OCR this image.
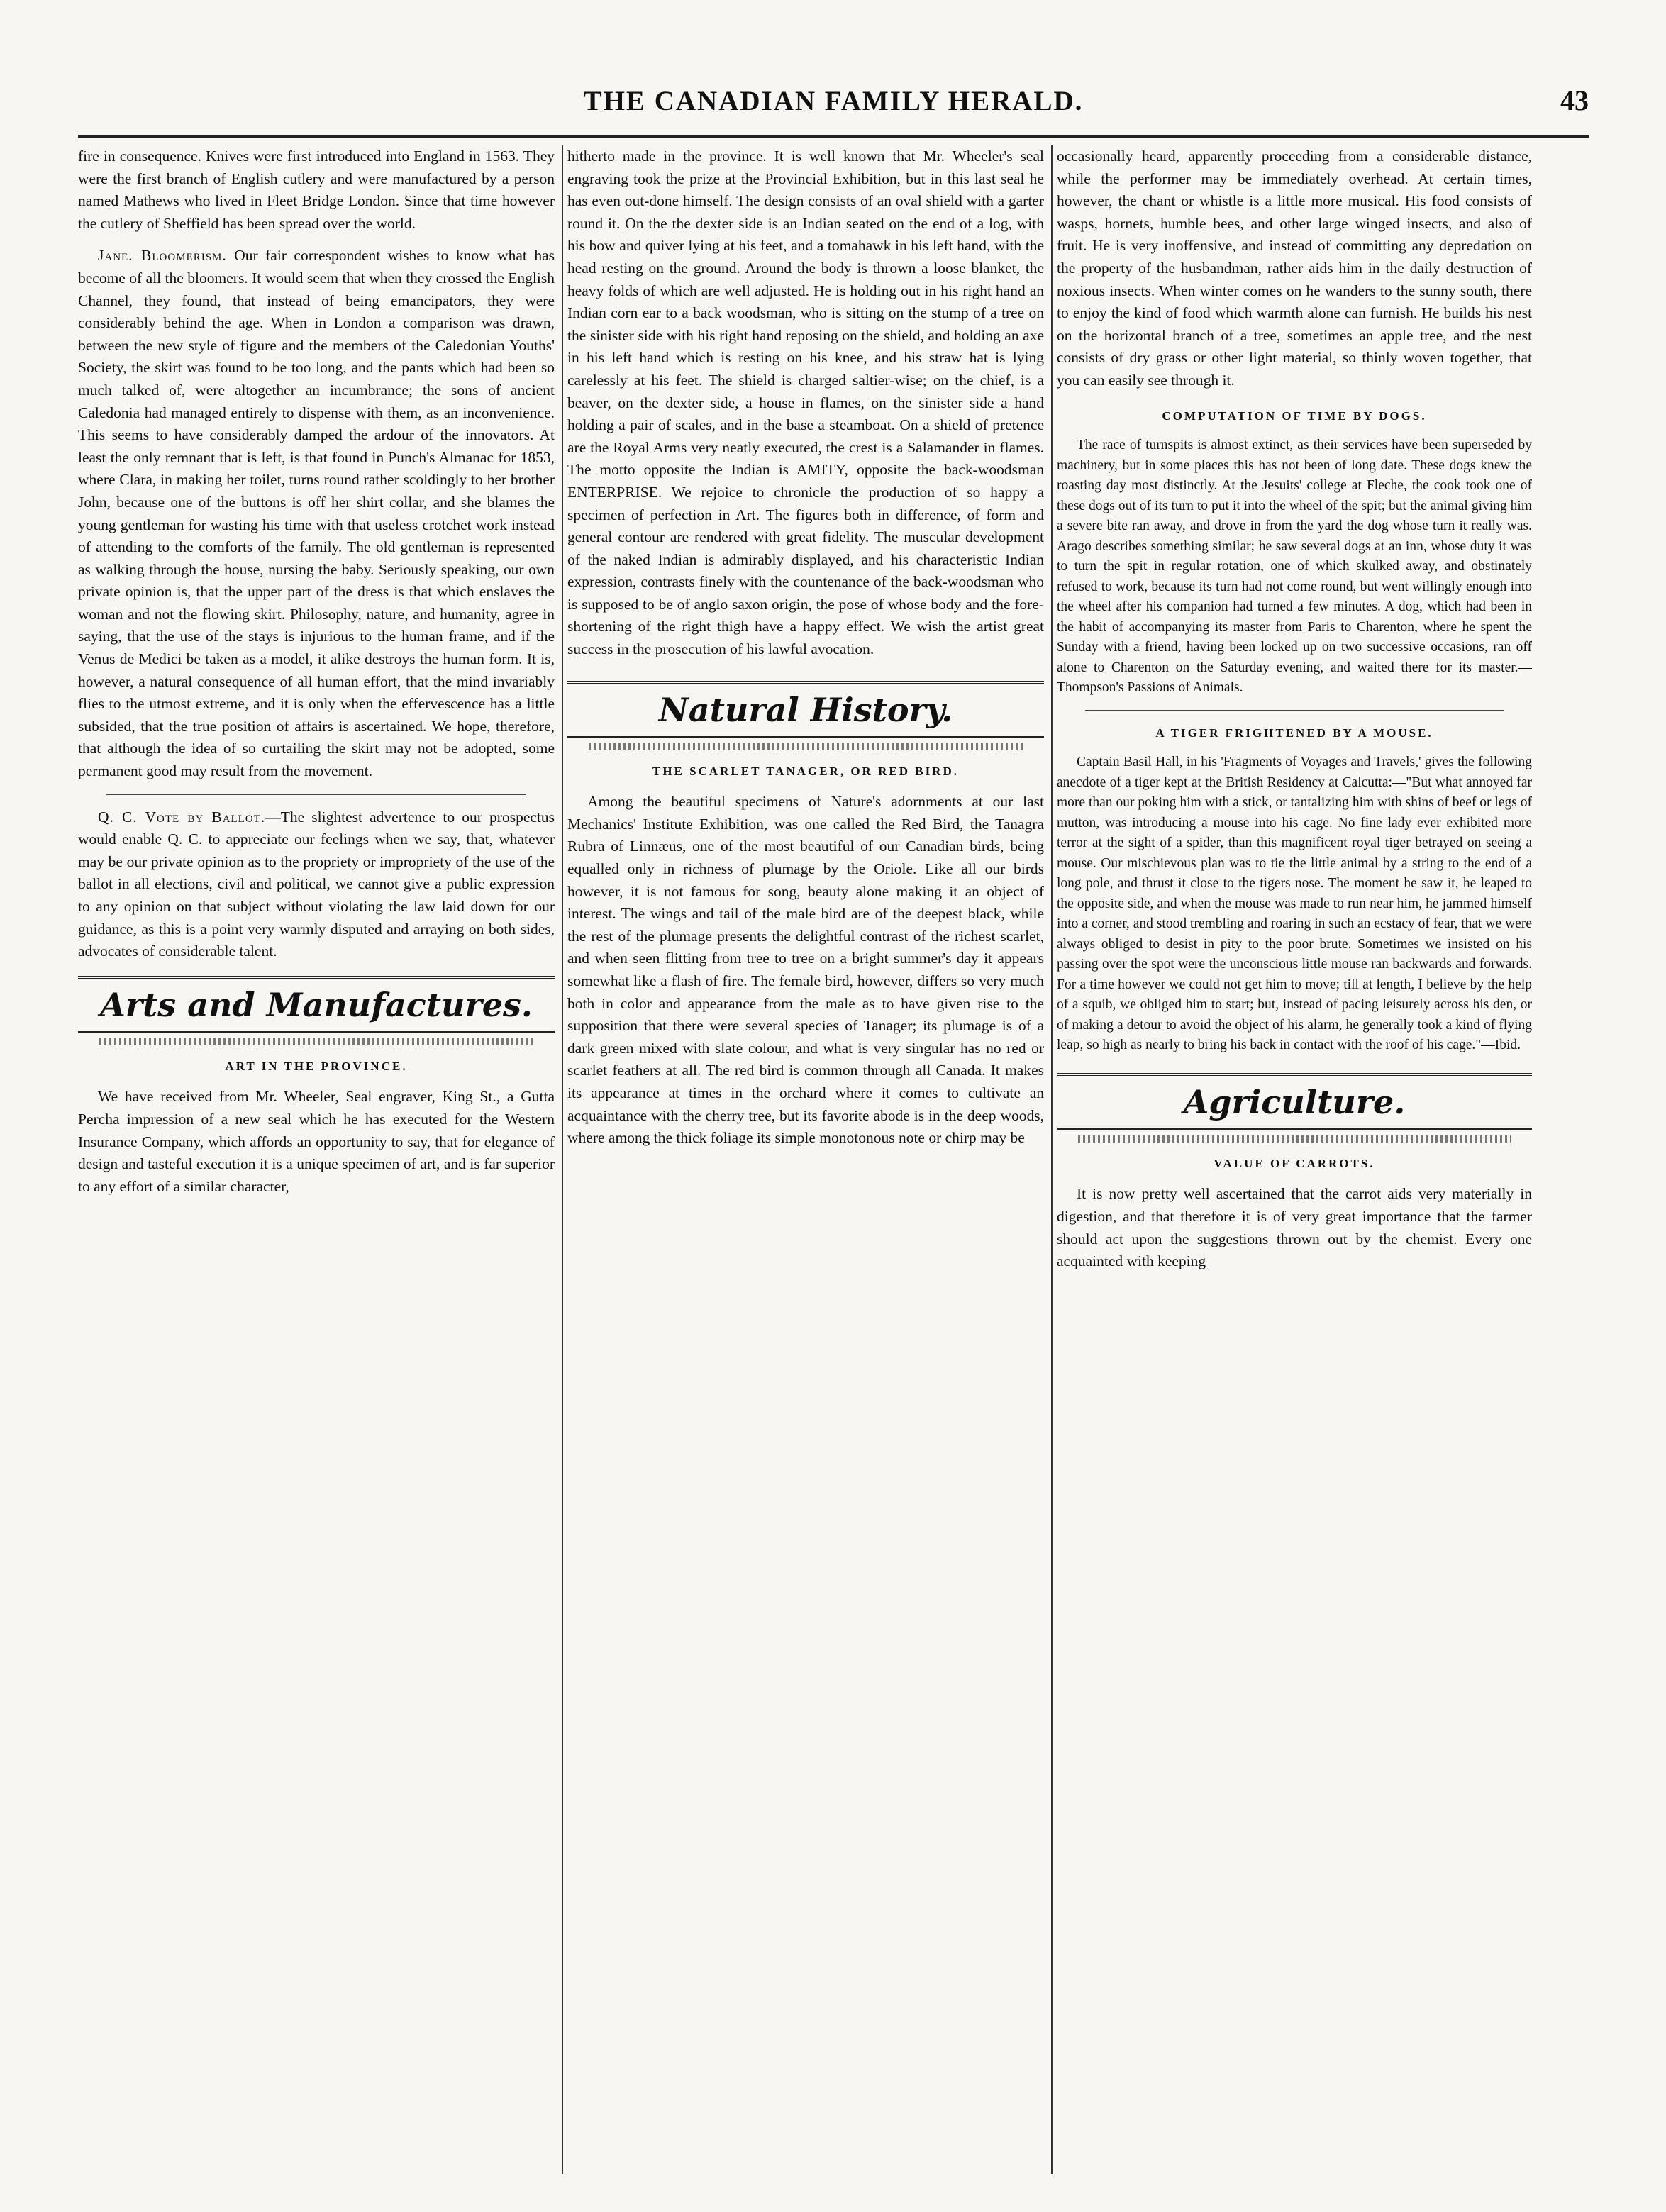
THE CANADIAN FAMILY HERALD.	43

fire in consequence. Knives were first introduced into England in 1563. They were the first branch of English cutlery and were manufactured by a person named Mathews who lived in Fleet Bridge London. Since that time however the cutlery of Sheffield has been spread over the world.

Jane. Bloomerism. Our fair correspondent wishes to know what has become of all the bloomers. It would seem that when they crossed the English Channel, they found, that instead of being emancipators, they were considerably behind the age. When in London a comparison was drawn, between the new style of figure and the members of the Caledonian Youths' Society, the skirt was found to be too long, and the pants which had been so much talked of, were altogether an incumbrance; the sons of ancient Caledonia had managed entirely to dispense with them, as an inconvenience. This seems to have considerably damped the ardour of the innovators. At least the only remnant that is left, is that found in Punch's Almanac for 1853, where Clara, in making her toilet, turns round rather scoldingly to her brother John, because one of the buttons is off her shirt collar, and she blames the young gentleman for wasting his time with that useless crotchet work instead of attending to the comforts of the family. The old gentleman is represented as walking through the house, nursing the baby. Seriously speaking, our own private opinion is, that the upper part of the dress is that which enslaves the woman and not the flowing skirt. Philosophy, nature, and humanity, agree in saying, that the use of the stays is injurious to the human frame, and if the Venus de Medici be taken as a model, it alike destroys the human form. It is, however, a natural consequence of all human effort, that the mind invariably flies to the utmost extreme, and it is only when the effervescence has a little subsided, that the true position of affairs is ascertained. We hope, therefore, that although the idea of so curtailing the skirt may not be adopted, some permanent good may result from the movement.

Q. C. Vote by Ballot.—The slightest advertence to our prospectus would enable Q. C. to appreciate our feelings when we say, that, whatever may be our private opinion as to the propriety or impropriety of the use of the ballot in all elections, civil and political, we cannot give a public expression to any opinion on that subject without violating the law laid down for our guidance, as this is a point very warmly disputed and arraying on both sides, advocates of considerable talent.

Arts and Manufactures.
ART IN THE PROVINCE.

We have received from Mr. Wheeler, Seal engraver, King St., a Gutta Percha impression of a new seal which he has executed for the Western Insurance Company, which affords an opportunity to say, that for elegance of design and tasteful execution it is a unique specimen of art, and is far superior to any effort of a similar character,

hitherto made in the province. It is well known that Mr. Wheeler's seal engraving took the prize at the Provincial Exhibition, but in this last seal he has even out-done himself. The design consists of an oval shield with a garter round it. On the the dexter side is an Indian seated on the end of a log, with his bow and quiver lying at his feet, and a tomahawk in his left hand, with the head resting on the ground. Around the body is thrown a loose blanket, the heavy folds of which are well adjusted. He is holding out in his right hand an Indian corn ear to a back woodsman, who is sitting on the stump of a tree on the sinister side with his right hand reposing on the shield, and holding an axe in his left hand which is resting on his knee, and his straw hat is lying carelessly at his feet. The shield is charged saltier-wise; on the chief, is a beaver, on the dexter side, a house in flames, on the sinister side a hand holding a pair of scales, and in the base a steamboat. On a shield of pretence are the Royal Arms very neatly executed, the crest is a Salamander in flames. The motto opposite the Indian is AMITY, opposite the back-woodsman ENTERPRISE. We rejoice to chronicle the production of so happy a specimen of perfection in Art. The figures both in difference, of form and general contour are rendered with great fidelity. The muscular development of the naked Indian is admirably displayed, and his characteristic Indian expression, contrasts finely with the countenance of the back-woodsman who is supposed to be of anglo saxon origin, the pose of whose body and the fore-shortening of the right thigh have a happy effect. We wish the artist great success in the prosecution of his lawful avocation.

Natural History.
THE SCARLET TANAGER, OR RED BIRD.

Among the beautiful specimens of Nature's adornments at our last Mechanics' Institute Exhibition, was one called the Red Bird, the Tanagra Rubra of Linnæus, one of the most beautiful of our Canadian birds, being equalled only in richness of plumage by the Oriole. Like all our birds however, it is not famous for song, beauty alone making it an object of interest. The wings and tail of the male bird are of the deepest black, while the rest of the plumage presents the delightful contrast of the richest scarlet, and when seen flitting from tree to tree on a bright summer's day it appears somewhat like a flash of fire. The female bird, however, differs so very much both in color and appearance from the male as to have given rise to the supposition that there were several species of Tanager; its plumage is of a dark green mixed with slate colour, and what is very singular has no red or scarlet feathers at all. The red bird is common through all Canada. It makes its appearance at times in the orchard where it comes to cultivate an acquaintance with the cherry tree, but its favorite abode is in the deep woods, where among the thick foliage its simple monotonous note or chirp may be

occasionally heard, apparently proceeding from a considerable distance, while the performer may be immediately overhead. At certain times, however, the chant or whistle is a little more musical. His food consists of wasps, hornets, humble bees, and other large winged insects, and also of fruit. He is very inoffensive, and instead of committing any depredation on the property of the husbandman, rather aids him in the daily destruction of noxious insects. When winter comes on he wanders to the sunny south, there to enjoy the kind of food which warmth alone can furnish. He builds his nest on the horizontal branch of a tree, sometimes an apple tree, and the nest consists of dry grass or other light material, so thinly woven together, that you can easily see through it.

COMPUTATION OF TIME BY DOGS.

The race of turnspits is almost extinct, as their services have been superseded by machinery, but in some places this has not been of long date. These dogs knew the roasting day most distinctly. At the Jesuits' college at Fleche, the cook took one of these dogs out of its turn to put it into the wheel of the spit; but the animal giving him a severe bite ran away, and drove in from the yard the dog whose turn it really was. Arago describes something similar; he saw several dogs at an inn, whose duty it was to turn the spit in regular rotation, one of which skulked away, and obstinately refused to work, because its turn had not come round, but went willingly enough into the wheel after his companion had turned a few minutes. A dog, which had been in the habit of accompanying its master from Paris to Charenton, where he spent the Sunday with a friend, having been locked up on two successive occasions, ran off alone to Charenton on the Saturday evening, and waited there for its master.—Thompson's Passions of Animals.

A TIGER FRIGHTENED BY A MOUSE.

Captain Basil Hall, in his 'Fragments of Voyages and Travels,' gives the following anecdote of a tiger kept at the British Residency at Calcutta:—"But what annoyed far more than our poking him with a stick, or tantalizing him with shins of beef or legs of mutton, was introducing a mouse into his cage. No fine lady ever exhibited more terror at the sight of a spider, than this magnificent royal tiger betrayed on seeing a mouse. Our mischievous plan was to tie the little animal by a string to the end of a long pole, and thrust it close to the tigers nose. The moment he saw it, he leaped to the opposite side, and when the mouse was made to run near him, he jammed himself into a corner, and stood trembling and roaring in such an ecstacy of fear, that we were always obliged to desist in pity to the poor brute. Sometimes we insisted on his passing over the spot were the unconscious little mouse ran backwards and forwards. For a time however we could not get him to move; till at length, I believe by the help of a squib, we obliged him to start; but, instead of pacing leisurely across his den, or of making a detour to avoid the object of his alarm, he generally took a kind of flying leap, so high as nearly to bring his back in contact with the roof of his cage."—Ibid.

Agriculture.
VALUE OF CARROTS.

It is now pretty well ascertained that the carrot aids very materially in digestion, and that therefore it is of very great importance that the farmer should act upon the suggestions thrown out by the chemist. Every one acquainted with keeping
